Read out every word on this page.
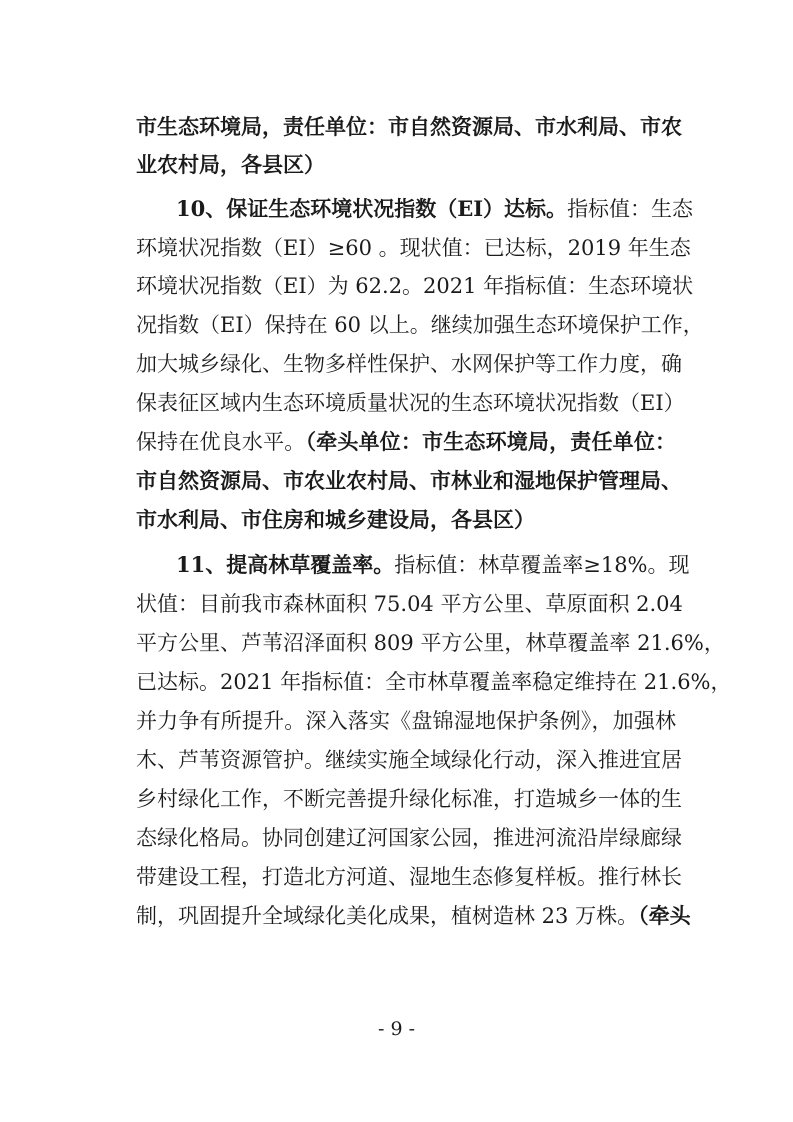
市生态环境局，责任单位：市自然资源局、市水利局、市农
业农村局，各县区）
10、保证生态环境状况指数（EI）达标。指标值：生态
环境状况指数（EI）≥60 。现状值：已达标，2019 年生态
环境状况指数（EI）为 62.2。2021 年指标值：生态环境状
况指数（EI）保持在 60 以上。继续加强生态环境保护工作，
加大城乡绿化、生物多样性保护、水网保护等工作力度，确
保表征区域内生态环境质量状况的生态环境状况指数（EI）
保持在优良水平。（牵头单位：市生态环境局，责任单位：
市自然资源局、市农业农村局、市林业和湿地保护管理局、
市水利局、市住房和城乡建设局，各县区）
11、提高林草覆盖率。指标值：林草覆盖率≥18%。现
状值：目前我市森林面积 75.04 平方公里、草原面积 2.04
平方公里、芦苇沼泽面积 809 平方公里，林草覆盖率 21.6%，
已达标。2021 年指标值：全市林草覆盖率稳定维持在 21.6%，
并力争有所提升。深入落实《盘锦湿地保护条例》，加强林
木、芦苇资源管护。继续实施全域绿化行动，深入推进宜居
乡村绿化工作，不断完善提升绿化标准，打造城乡一体的生
态绿化格局。协同创建辽河国家公园，推进河流沿岸绿廊绿
带建设工程，打造北方河道、湿地生态修复样板。推行林长
制，巩固提升全域绿化美化成果，植树造林 23 万株。（牵头
- 9 -
